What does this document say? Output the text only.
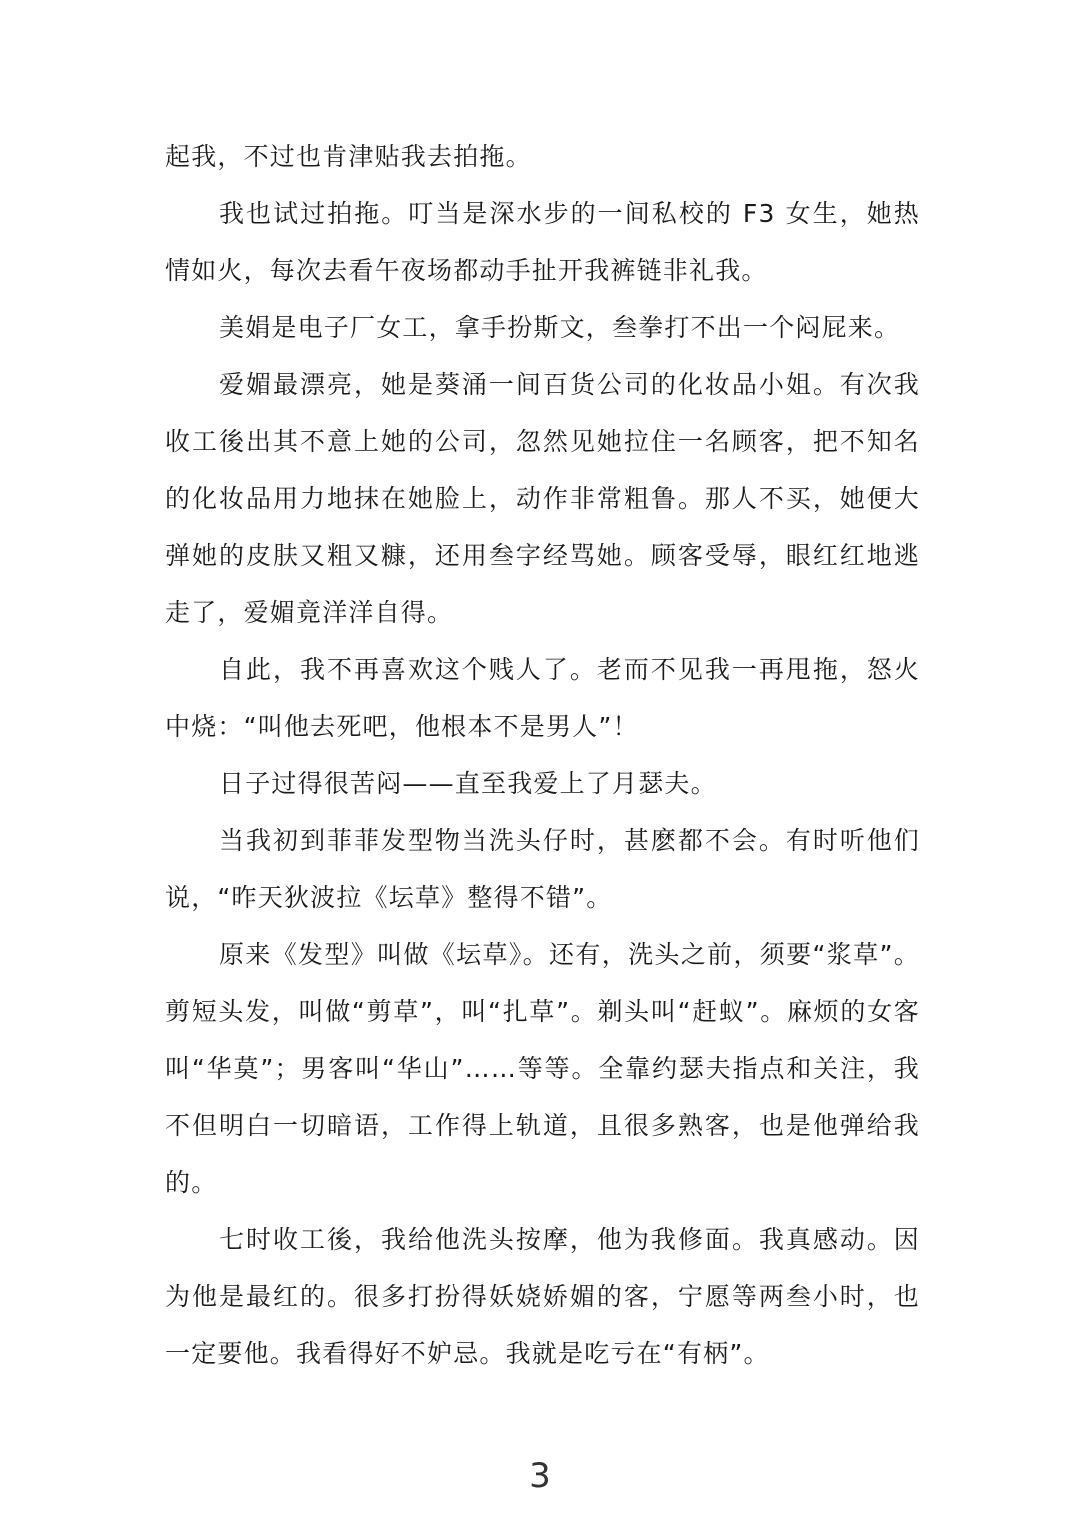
起我，不过也肯津贴我去拍拖。

我也试过拍拖。叮当是深水步的一间私校的 F3 女生，她热情如火，每次去看午夜场都动手扯开我裤链非礼我。

美娟是电子厂女工，拿手扮斯文，叁拳打不出一个闷屁来。

爱媚最漂亮，她是葵涌一间百货公司的化妆品小姐。有次我收工後出其不意上她的公司，忽然见她拉住一名顾客，把不知名的化妆品用力地抹在她脸上，动作非常粗鲁。那人不买，她便大弹她的皮肤又粗又糠，还用叁字经骂她。顾客受辱，眼红红地逃走了，爱媚竟洋洋自得。

自此，我不再喜欢这个贱人了。老而不见我一再甩拖，怒火中烧：“叫他去死吧，他根本不是男人”！

日子过得很苦闷——直至我爱上了月瑟夫。

当我初到菲菲发型物当洗头仔时，甚麽都不会。有时听他们说，“昨天狄波拉《坛草》整得不错”。

原来《发型》叫做《坛草》。还有，洗头之前，须要“浆草”。剪短头发，叫做“剪草”，叫“扎草”。剃头叫“赶蚁”。麻烦的女客叫“华莫”；男客叫“华山”……等等。全靠约瑟夫指点和关注，我不但明白一切暗语，工作得上轨道，且很多熟客，也是他弹给我的。

七时收工後，我给他洗头按摩，他为我修面。我真感动。因为他是最红的。很多打扮得妖娆娇媚的客，宁愿等两叁小时，也一定要他。我看得好不妒忌。我就是吃亏在“有柄”。

3
